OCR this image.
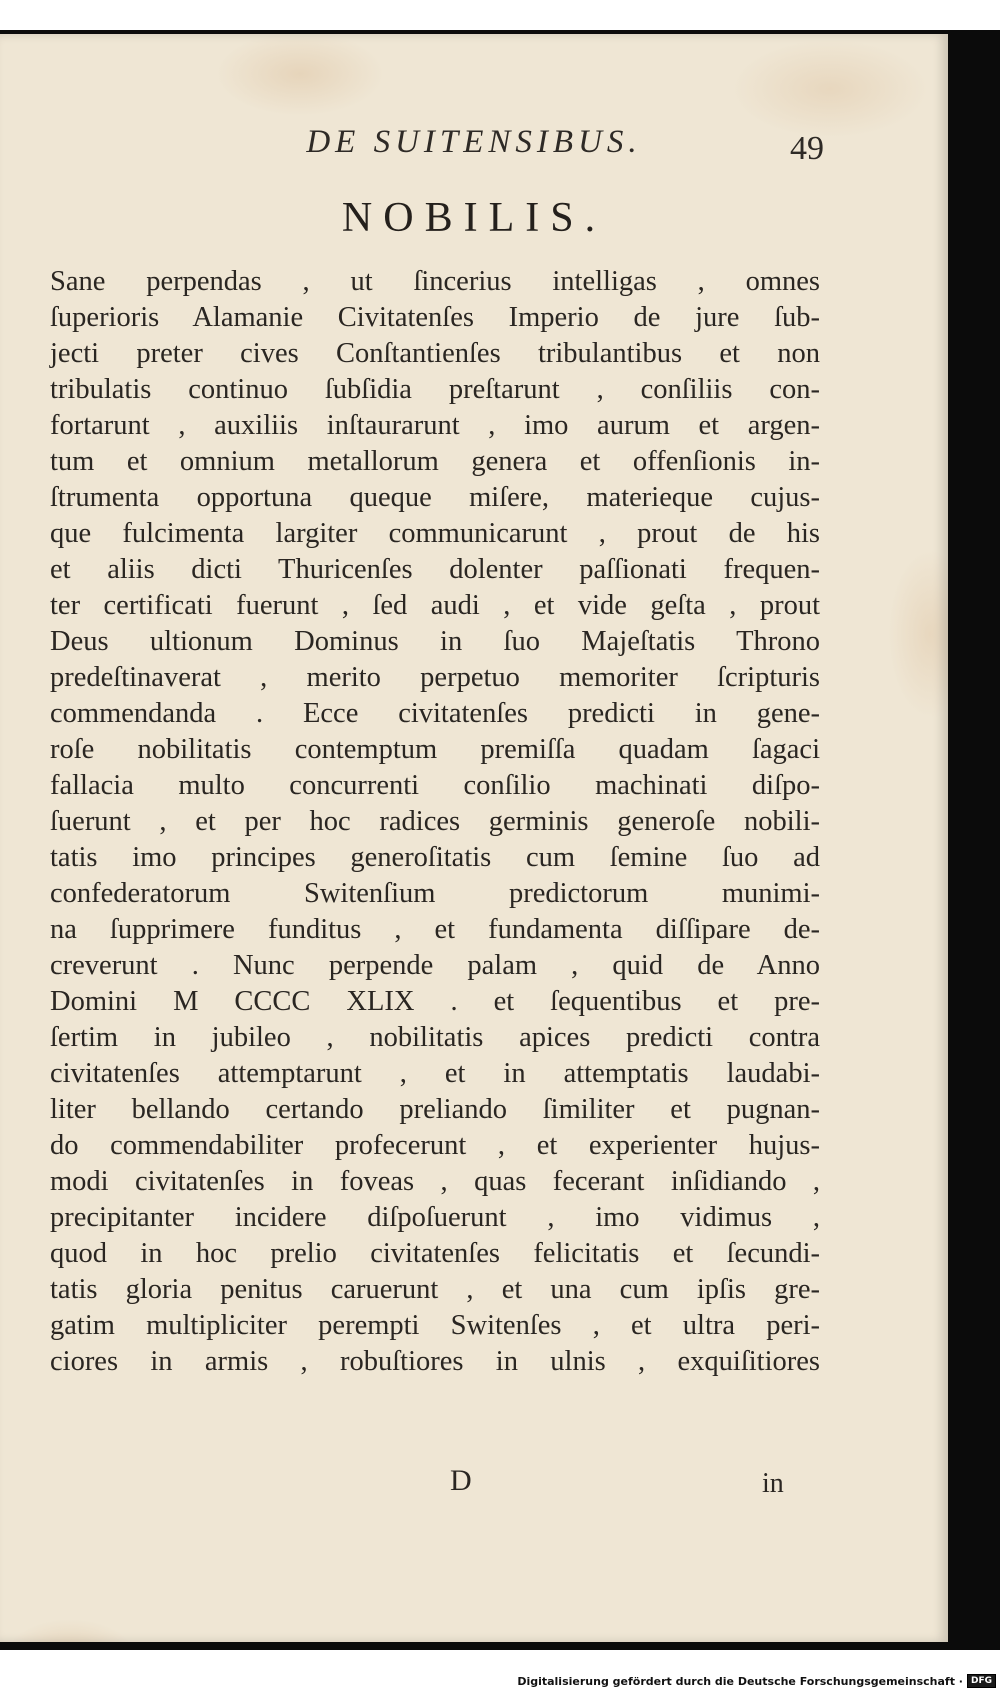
DE SUITENSIBUS.	49
NOBILIS.
Sane perpendas , ut ſincerius intelligas , omnes
ſuperioris Alamanie Civitatenſes Imperio de jure ſub-
jecti preter cives Conſtantienſes tribulantibus et non
tribulatis continuo ſubſidia preſtarunt , conſiliis con-
fortarunt , auxiliis inſtaurarunt , imo aurum et argen-
tum et omnium metallorum genera et offenſionis in-
ſtrumenta opportuna queque miſere, materieque cujus-
que fulcimenta largiter communicarunt , prout de his
et aliis dicti Thuricenſes dolenter paſſionati frequen-
ter certificati fuerunt , ſed audi , et vide geſta , prout
Deus ultionum Dominus in ſuo Majeſtatis Throno
predeſtinaverat , merito perpetuo memoriter ſcripturis
commendanda . Ecce civitatenſes predicti in gene-
roſe nobilitatis contemptum premiſſa quadam ſagaci
fallacia multo concurrenti conſilio machinati diſpo-
ſuerunt , et per hoc radices germinis generoſe nobili-
tatis imo principes generoſitatis cum ſemine ſuo ad
confederatorum Switenſium predictorum munimi-
na ſupprimere funditus , et fundamenta diſſipare de-
creverunt . Nunc perpende palam , quid de Anno
Domini M CCCC XLIX . et ſequentibus et pre-
ſertim in jubileo , nobilitatis apices predicti contra
civitatenſes attemptarunt , et in attemptatis laudabi-
liter bellando certando preliando ſimiliter et pugnan-
do commendabiliter profecerunt , et experienter hujus-
modi civitatenſes in foveas , quas fecerant inſidiando ,
precipitanter incidere diſpoſuerunt , imo vidimus ,
quod in hoc prelio civitatenſes felicitatis et ſecundi-
tatis gloria penitus caruerunt , et una cum ipſis gre-
gatim multipliciter perempti Switenſes , et ultra peri-
ciores in armis , robuſtiores in ulnis , exquiſitiores
D	in
Digitalisierung gefördert durch die Deutsche Forschungsgemeinschaft · DFG
